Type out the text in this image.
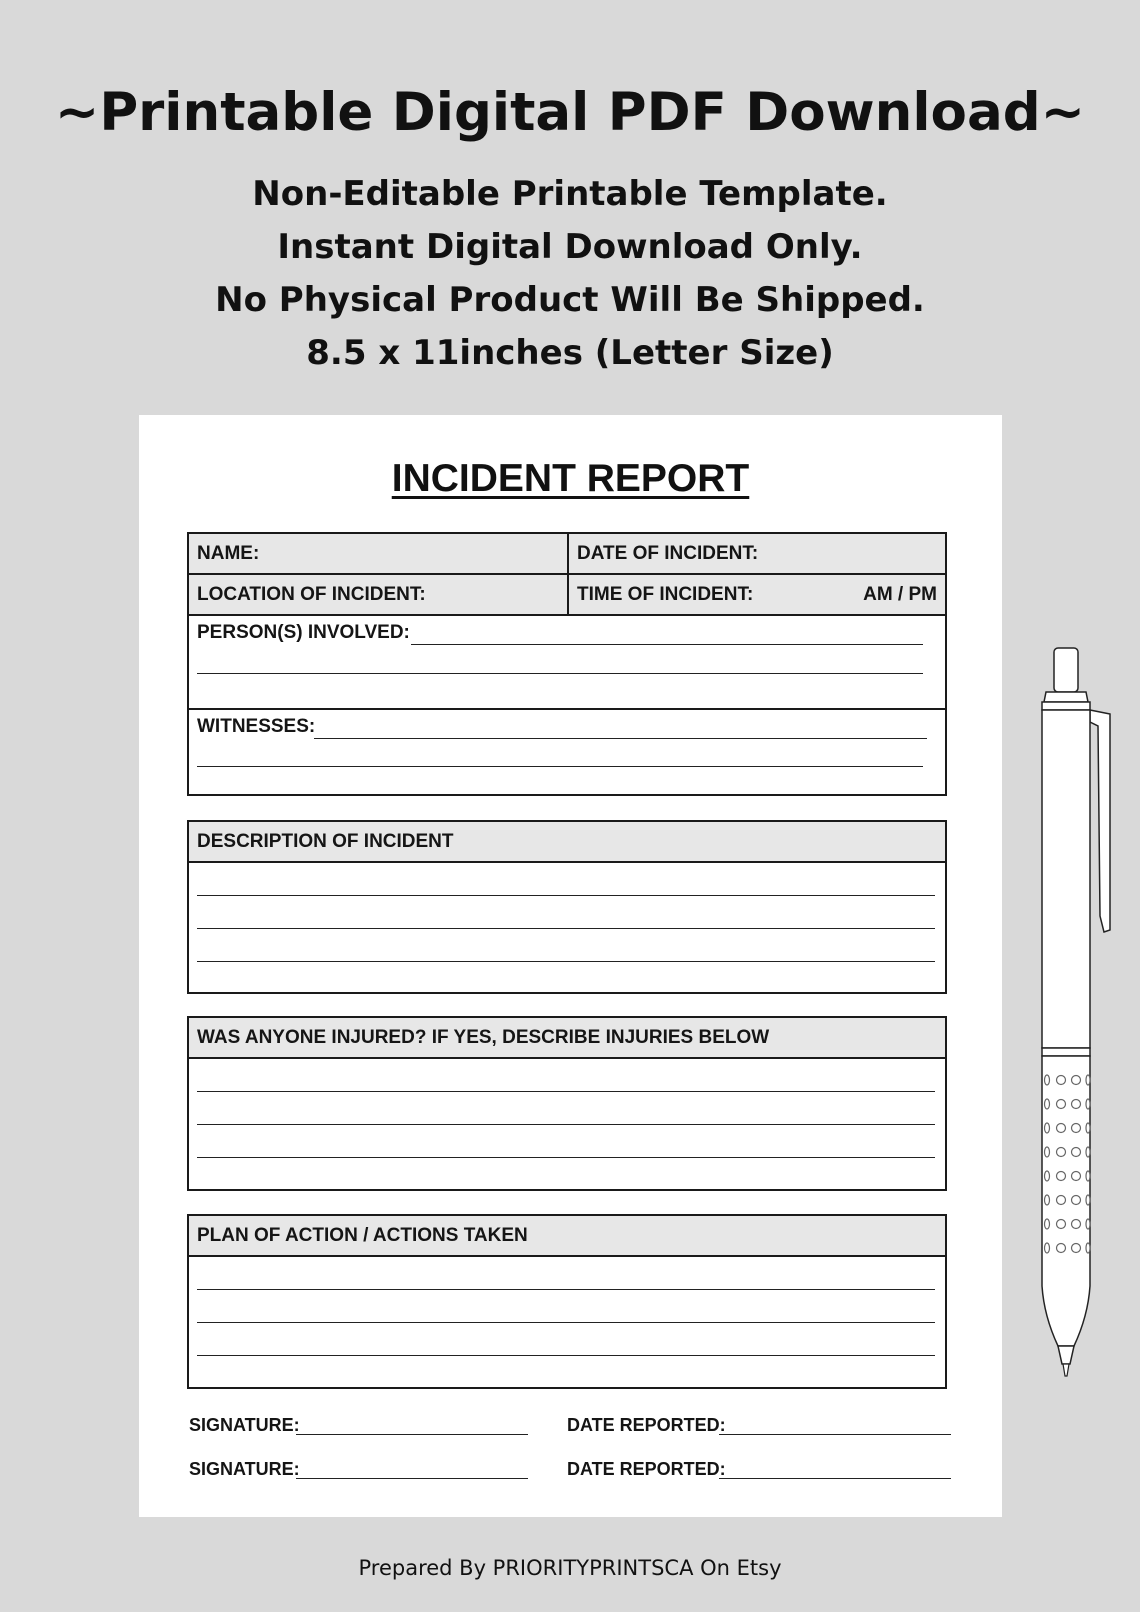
~Printable Digital PDF Download~
Non-Editable Printable Template.
Instant Digital Download Only.
No Physical Product Will Be Shipped.
8.5 x 11inches (Letter Size)
INCIDENT REPORT
NAME:	DATE OF INCIDENT:
LOCATION OF INCIDENT:	TIME OF INCIDENT:	AM / PM
PERSON(S) INVOLVED:
WITNESSES:
DESCRIPTION OF INCIDENT
WAS ANYONE INJURED? IF YES, DESCRIBE INJURIES BELOW
PLAN OF ACTION / ACTIONS TAKEN
SIGNATURE:	DATE REPORTED:
SIGNATURE:	DATE REPORTED:
Prepared By PRIORITYPRINTSCA On Etsy
